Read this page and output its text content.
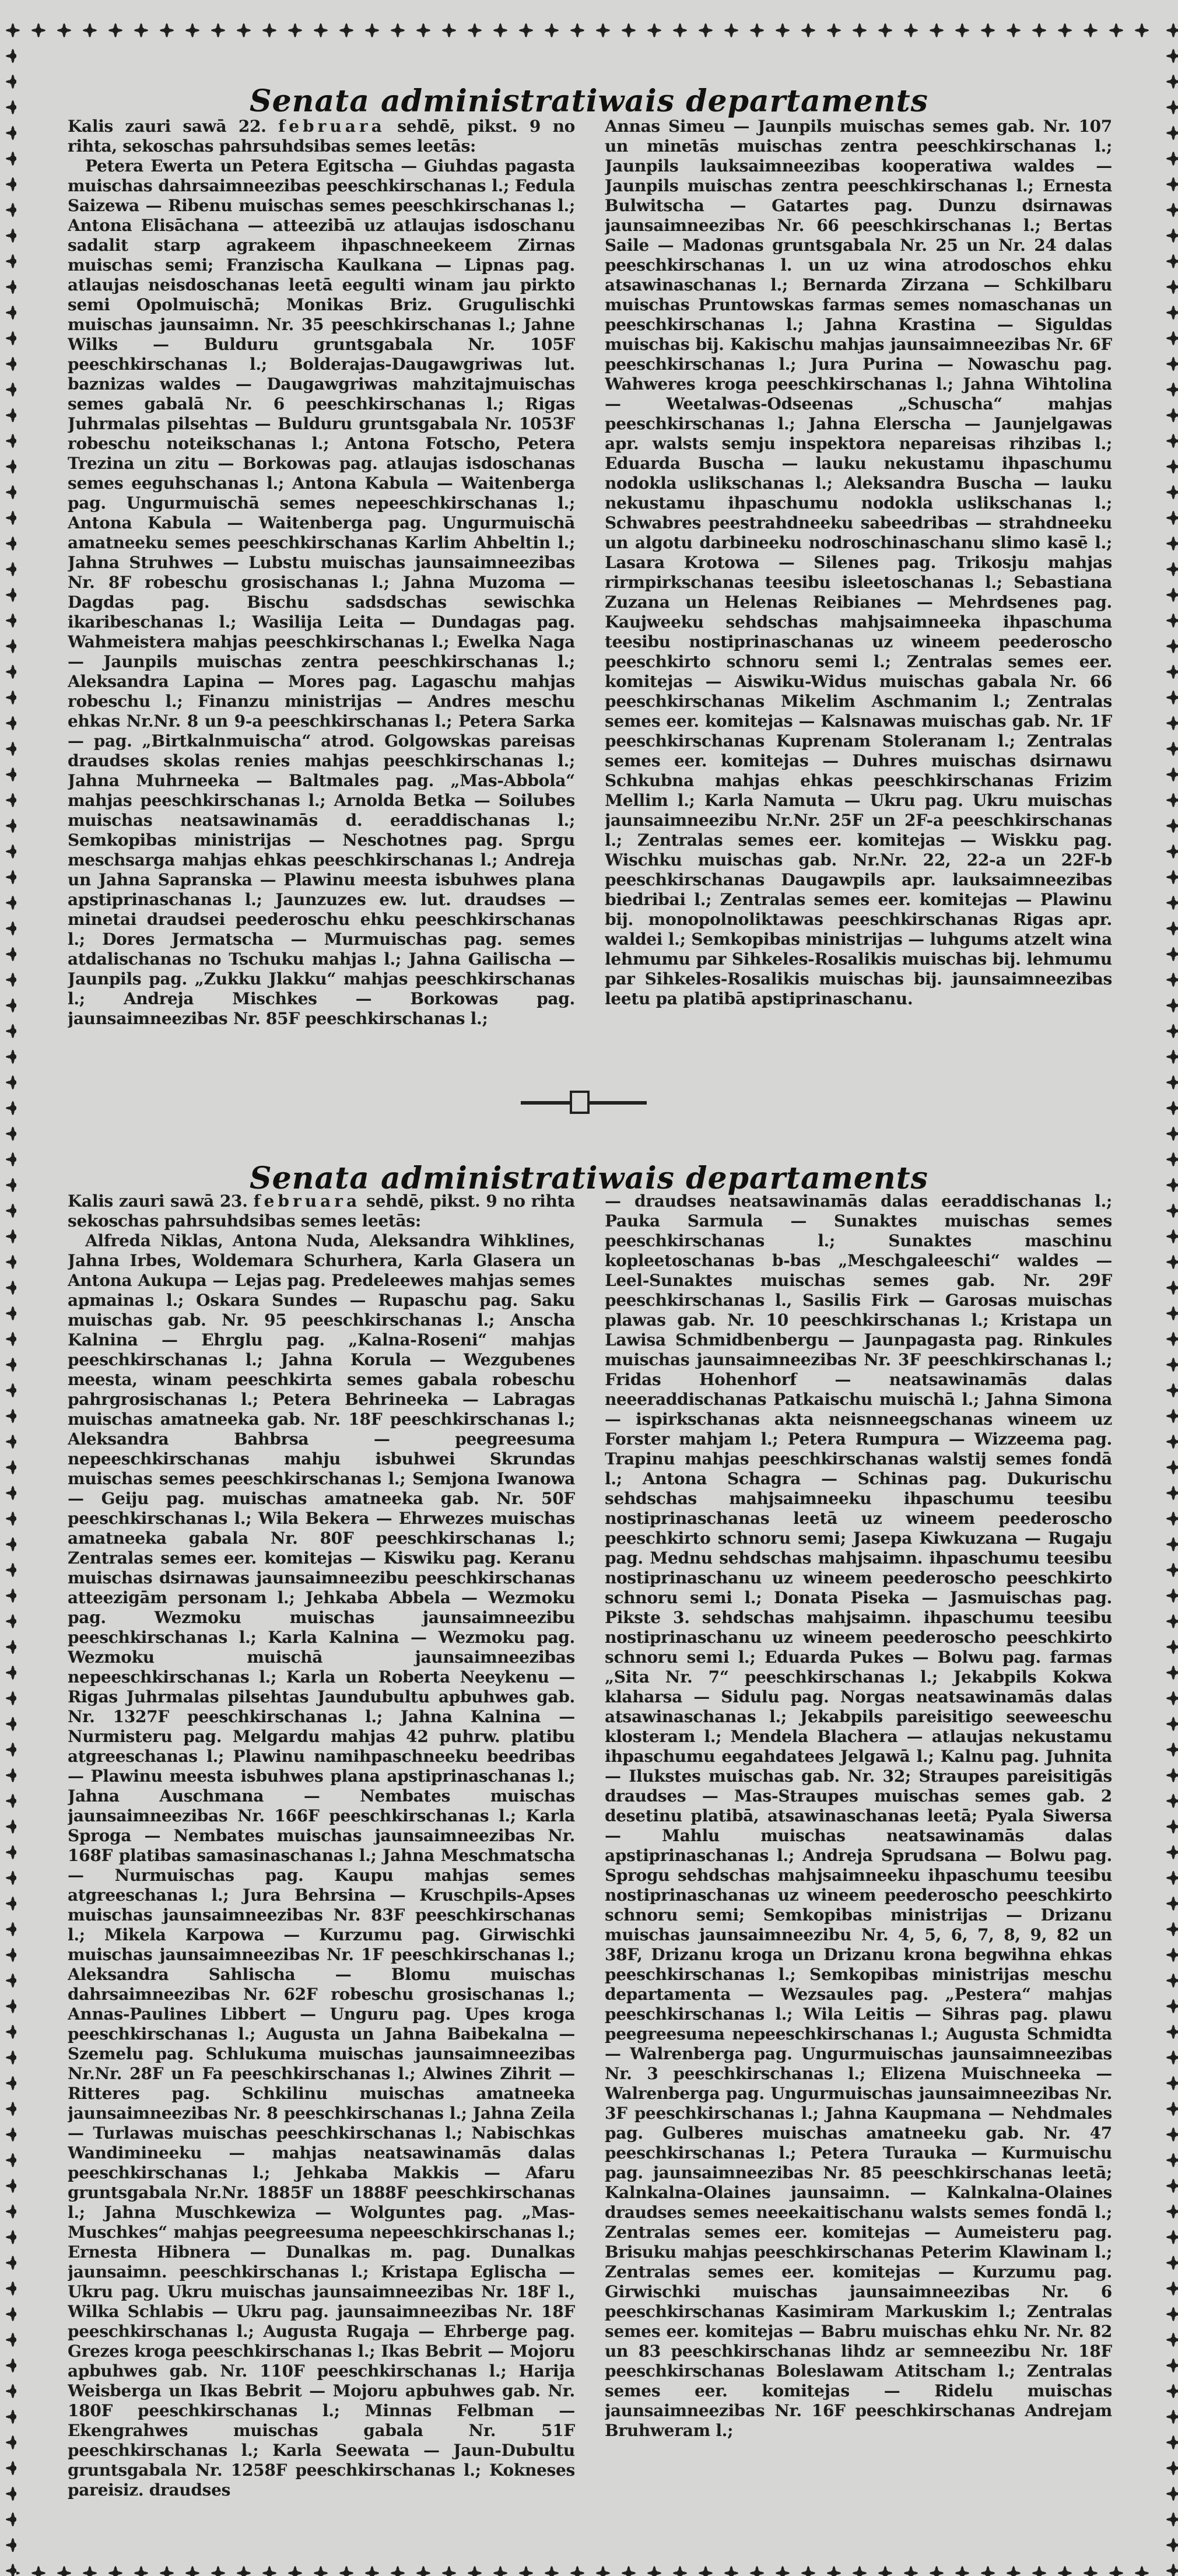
Senata administratiwais departaments

Kalis zauri sawā 22. februara sehdē, pikst. 9 no rihta, sekoschas pahrsuhdsibas semes leetās:

Petera Ewerta un Petera Egitscha — Giuhdas pagasta muischas dahrsaimneezibas peeschkirschanas l.; Fedula Saizewa — Ribenu muischas semes peeschkirschanas l.; Antona Elisāchana — atteezibā uz atlaujas isdoschanu sadalit starp agrakeem ihpaschneekeem Zirnas muischas semi; Franzischa Kaulkana — Lipnas pag. atlaujas neisdoschanas leetā eegulti winam jau pirkto semi Opolmuischā; Monikas Briz. Grugulischki muischas jaunsaimn. Nr. 35 peeschkirschanas l.; Jahne Wilks — Bulduru gruntsgabala Nr. 105F peeschkirschanas l.; Bolderajas-Daugawgriwas lut. baznizas waldes — Daugawgriwas mahzitajmuischas semes gabalā Nr. 6 peeschkirschanas l.; Rigas Juhrmalas pilsehtas — Bulduru gruntsgabala Nr. 1053F robeschu noteikschanas l.; Antona Fotscho, Petera Trezina un zitu — Borkowas pag. atlaujas isdoschanas semes eeguhschanas l.; Antona Kabula — Waitenberga pag. Ungurmuischā semes nepeeschkirschanas l.; Antona Kabula — Waitenberga pag. Ungurmuischā amatneeku semes peeschkirschanas Karlim Ahbeltin l.; Jahna Struhwes — Lubstu muischas jaunsaimneezibas Nr. 8F robeschu grosischanas l.; Jahna Muzoma — Dagdas pag. Bischu sadsdschas sewischka ikaribeschanas l.; Wasilija Leita — Dundagas pag. Wahmeistera mahjas peeschkirschanas l.; Ewelka Naga — Jaunpils muischas zentra peeschkirschanas l.; Aleksandra Lapina — Mores pag. Lagaschu mahjas robeschu l.; Finanzu ministrijas — Andres meschu ehkas Nr.Nr. 8 un 9-a peeschkirschanas l.; Petera Sarka — pag. „Birtkalnmuischa“ atrod. Golgowskas pareisas draudses skolas renies mahjas peeschkirschanas l.; Jahna Muhrneeka — Baltmales pag. „Mas-Abbola“ mahjas peeschkirschanas l.; Arnolda Betka — Soilubes muischas neatsawinamās d. eeraddischanas l.; Semkopibas ministrijas — Neschotnes pag. Sprgu meschsarga mahjas ehkas peeschkirschanas l.; Andreja un Jahna Sapranska — Plawinu meesta isbuhwes plana apstiprinaschanas l.; Jaunzuzes ew. lut. draudses — minetai draudsei peederoschu ehku peeschkirschanas l.; Dores Jermatscha — Murmuischas pag. semes atdalischanas no Tschuku mahjas l.; Jahna Gailischa — Jaunpils pag. „Zukku Jlakku“ mahjas peeschkirschanas l.; Andreja Mischkes — Borkowas pag. jaunsaimneezibas Nr. 85F peeschkirschanas l.;

Annas Simeu — Jaunpils muischas semes gab. Nr. 107 un minetās muischas zentra peeschkirschanas l.; Jaunpils lauksaimneezibas kooperatiwa waldes — Jaunpils muischas zentra peeschkirschanas l.; Ernesta Bulwitscha — Gatartes pag. Dunzu dsirnawas jaunsaimneezibas Nr. 66 peeschkirschanas l.; Bertas Saile — Madonas gruntsgabala Nr. 25 un Nr. 24 dalas peeschkirschanas l. un uz wina atrodoschos ehku atsawinaschanas l.; Bernarda Zirzana — Schkilbaru muischas Pruntowskas farmas semes nomaschanas un peeschkirschanas l.; Jahna Krastina — Siguldas muischas bij. Kakischu mahjas jaunsaimneezibas Nr. 6F peeschkirschanas l.; Jura Purina — Nowaschu pag. Wahweres kroga peeschkirschanas l.; Jahna Wihtolina — Weetalwas-Odseenas „Schuscha“ mahjas peeschkirschanas l.; Jahna Elerscha — Jaunjelgawas apr. walsts semju inspektora nepareisas rihzibas l.; Eduarda Buscha — lauku nekustamu ihpaschumu nodokla uslikschanas l.; Aleksandra Buscha — lauku nekustamu ihpaschumu nodokla uslikschanas l.; Schwabres peestrahdneeku sabeedribas — strahdneeku un algotu darbineeku nodroschinaschanu slimo kasē l.; Lasara Krotowa — Silenes pag. Trikosju mahjas rirmpirkschanas teesibu isleetoschanas l.; Sebastiana Zuzana un Helenas Reibianes — Mehrdsenes pag. Kaujweeku sehdschas mahjsaimneeka ihpaschuma teesibu nostiprinaschanas uz wineem peederoscho peeschkirto schnoru semi l.; Zentralas semes eer. komitejas — Aiswiku-Widus muischas gabala Nr. 66 peeschkirschanas Mikelim Aschmanim l.; Zentralas semes eer. komitejas — Kalsnawas muischas gab. Nr. 1F peeschkirschanas Kuprenam Stoleranam l.; Zentralas semes eer. komitejas — Duhres muischas dsirnawu Schkubna mahjas ehkas peeschkirschanas Frizim Mellim l.; Karla Namuta — Ukru pag. Ukru muischas jaunsaimneezibu Nr.Nr. 25F un 2F-a peeschkirschanas l.; Zentralas semes eer. komitejas — Wiskku pag. Wischku muischas gab. Nr.Nr. 22, 22-a un 22F-b peeschkirschanas Daugawpils apr. lauksaimneezibas biedribai l.; Zentralas semes eer. komitejas — Plawinu bij. monopolnoliktawas peeschkirschanas Rigas apr. waldei l.; Semkopibas ministrijas — luhgums atzelt wina lehmumu par Sihkeles-Rosalikis muischas bij. lehmumu par Sihkeles-Rosalikis muischas bij. jaunsaimneezibas leetu pa platibā apstiprinaschanu.

Senata administratiwais departaments

Kalis zauri sawā 23. februara sehdē, pikst. 9 no rihta sekoschas pahrsuhdsibas semes leetās:

Alfreda Niklas, Antona Nuda, Aleksandra Wihklines, Jahna Irbes, Woldemara Schurhera, Karla Glasera un Antona Aukupa — Lejas pag. Predeleewes mahjas semes apmainas l.; Oskara Sundes — Rupaschu pag. Saku muischas gab. Nr. 95 peeschkirschanas l.; Anscha Kalnina — Ehrglu pag. „Kalna-Roseni“ mahjas peeschkirschanas l.; Jahna Korula — Wezgubenes meesta, winam peeschkirta semes gabala robeschu pahrgrosischanas l.; Petera Behrineeka — Labragas muischas amatneeka gab. Nr. 18F peeschkirschanas l.; Aleksandra Bahbrsa — peegreesuma nepeeschkirschanas mahju isbuhwei Skrundas muischas semes peeschkirschanas l.; Semjona Iwanowa — Geiju pag. muischas amatneeka gab. Nr. 50F peeschkirschanas l.; Wila Bekera — Ehrwezes muischas amatneeka gabala Nr. 80F peeschkirschanas l.; Zentralas semes eer. komitejas — Kiswiku pag. Keranu muischas dsirnawas jaunsaimneezibu peeschkirschanas atteezigām personam l.; Jehkaba Abbela — Wezmoku pag. Wezmoku muischas jaunsaimneezibu peeschkirschanas l.; Karla Kalnina — Wezmoku pag. Wezmoku muischā jaunsaimneezibas nepeeschkirschanas l.; Karla un Roberta Neeykenu — Rigas Juhrmalas pilsehtas Jaundubultu apbuhwes gab. Nr. 1327F peeschkirschanas l.; Jahna Kalnina — Nurmisteru pag. Melgardu mahjas 42 puhrw. platibu atgreeschanas l.; Plawinu namihpaschneeku beedribas — Plawinu meesta isbuhwes plana apstiprinaschanas l.; Jahna Auschmana — Nembates muischas jaunsaimneezibas Nr. 166F peeschkirschanas l.; Karla Sproga — Nembates muischas jaunsaimneezibas Nr. 168F platibas samasinaschanas l.; Jahna Meschmatscha — Nurmuischas pag. Kaupu mahjas semes atgreeschanas l.; Jura Behrsina — Kruschpils-Apses muischas jaunsaimneezibas Nr. 83F peeschkirschanas l.; Mikela Karpowa — Kurzumu pag. Girwischki muischas jaunsaimneezibas Nr. 1F peeschkirschanas l.; Aleksandra Sahlischa — Blomu muischas dahrsaimneezibas Nr. 62F robeschu grosischanas l.; Annas-Paulines Libbert — Unguru pag. Upes kroga peeschkirschanas l.; Augusta un Jahna Baibekalna — Szemelu pag. Schlukuma muischas jaunsaimneezibas Nr.Nr. 28F un Fa peeschkirschanas l.; Alwines Zihrit — Ritteres pag. Schkilinu muischas amatneeka jaunsaimneezibas Nr. 8 peeschkirschanas l.; Jahna Zeila — Turlawas muischas peeschkirschanas l.; Nabischkas Wandimineeku — mahjas neatsawinamās dalas peeschkirschanas l.; Jehkaba Makkis — Afaru gruntsgabala Nr.Nr. 1885F un 1888F peeschkirschanas l.; Jahna Muschkewiza — Wolguntes pag. „Mas-Muschkes“ mahjas peegreesuma nepeeschkirschanas l.; Ernesta Hibnera — Dunalkas m. pag. Dunalkas jaunsaimn. peeschkirschanas l.; Kristapa Eglischa — Ukru pag. Ukru muischas jaunsaimneezibas Nr. 18F l., Wilka Schlabis — Ukru pag. jaunsaimneezibas Nr. 18F peeschkirschanas l.; Augusta Rugaja — Ehrberge pag. Grezes kroga peeschkirschanas l.; Ikas Bebrit — Mojoru apbuhwes gab. Nr. 110F peeschkirschanas l.; Harija Weisberga un Ikas Bebrit — Mojoru apbuhwes gab. Nr. 180F peeschkirschanas l.; Minnas Felbman — Ekengrahwes muischas gabala Nr. 51F peeschkirschanas l.; Karla Seewata — Jaun-Dubultu gruntsgabala Nr. 1258F peeschkirschanas l.; Kokneses pareisiz. draudses

— draudses neatsawinamās dalas eeraddischanas l.; Pauka Sarmula — Sunaktes muischas semes peeschkirschanas l.; Sunaktes maschinu koplеetoschanas b-bas „Meschgaleeschi“ waldes — Leel-Sunaktes muischas semes gab. Nr. 29F peeschkirschanas l., Sasilis Firk — Garosas muischas plawas gab. Nr. 10 peeschkirschanas l.; Kristapa un Lawisa Schmidbenbergu — Jaunpagasta pag. Rinkules muischas jaunsaimneezibas Nr. 3F peeschkirschanas l.; Fridas Hohenhorf — neatsawinamās dalas neeeraddischanas Patkaischu muischā l.; Jahna Simona — ispirkschanas akta neisnneegschanas wineem uz Forster mahjam l.; Petera Rumpura — Wizzeema pag. Trapinu mahjas peeschkirschanas walstij semes fondā l.; Antona Schagra — Schinas pag. Dukurischu sehdschas mahjsaimneeku ihpaschumu teesibu nostiprinaschanas leetā uz wineem peederoscho peeschkirto schnoru semi; Jasepa Kiwkuzana — Rugaju pag. Mednu sehdschas mahjsaimn. ihpaschumu teesibu nostiprinaschanu uz wineem peederoscho peeschkirto schnoru semi l.; Donata Piseka — Jasmuischas pag. Pikste 3. sehdschas mahjsaimn. ihpaschumu teesibu nostiprinaschanu uz wineem peederoscho peeschkirto schnoru semi l.; Eduarda Pukes — Bolwu pag. farmas „Sita Nr. 7“ peeschkirschanas l.; Jekabpils Kokwa klaharsa — Sidulu pag. Norgas neatsawinamās dalas atsawinaschanas l.; Jekabpils pareisitigo seeweeschu klosteram l.; Mendela Blachera — atlaujas nekustamu ihpaschumu eegahdatees Jelgawā l.; Kalnu pag. Juhnita — Ilukstes muischas gab. Nr. 32; Straupes pareisitigās draudses — Mas-Straupes muischas semes gab. 2 desetinu platibā, atsawinaschanas leetā; Pyala Siwersa — Mahlu muischas neatsawinamās dalas apstiprinaschanas l.; Andreja Sprudsana — Bolwu pag. Sprogu sehdschas mahjsaimneeku ihpaschumu teesibu nostiprinaschanas uz wineem peederoscho peeschkirto schnoru semi; Semkopibas ministrijas — Drizanu muischas jaunsaimneezibu Nr. 4, 5, 6, 7, 8, 9, 82 un 38F, Drizanu kroga un Drizanu krona begwihna ehkas peeschkirschanas l.; Semkopibas ministrijas meschu departamenta — Wezsaules pag. „Pestera“ mahjas peeschkirschanas l.; Wila Leitis — Sihras pag. plawu peegreesuma nepeeschkirschanas l.; Augusta Schmidta — Walrenberga pag. Ungurmuischas jaunsaimneezibas Nr. 3 peeschkirschanas l.; Elizena Muischneeka — Walrenberga pag. Ungurmuischas jaunsaimneezibas Nr. 3F peeschkirschanas l.; Jahna Kaupmana — Nehdmales pag. Gulberes muischas amatneeku gab. Nr. 47 peeschkirschanas l.; Petera Turauka — Kurmuischu pag. jaunsaimneezibas Nr. 85 peeschkirschanas leetā; Kalnkalna-Olaines jaunsaimn. — Kalnkalna-Olaines draudses semes neeekaitischanu walsts semes fondā l.; Zentralas semes eer. komitejas — Aumeisteru pag. Brisuku mahjas peeschkirschanas Peterim Klawinam l.; Zentralas semes eer. komitejas — Kurzumu pag. Girwischki muischas jaunsaimneezibas Nr. 6 peeschkirschanas Kasimiram Markuskim l.; Zentralas semes eer. komitejas — Babru muischas ehku Nr. Nr. 82 un 83 peeschkirschanas lihdz ar semneezibu Nr. 18F peeschkirschanas Boleslawam Atitscham l.; Zentralas semes eer. komitejas — Ridelu muischas jaunsaimneezibas Nr. 16F peeschkirschanas Andrejam Bruhweram l.;
